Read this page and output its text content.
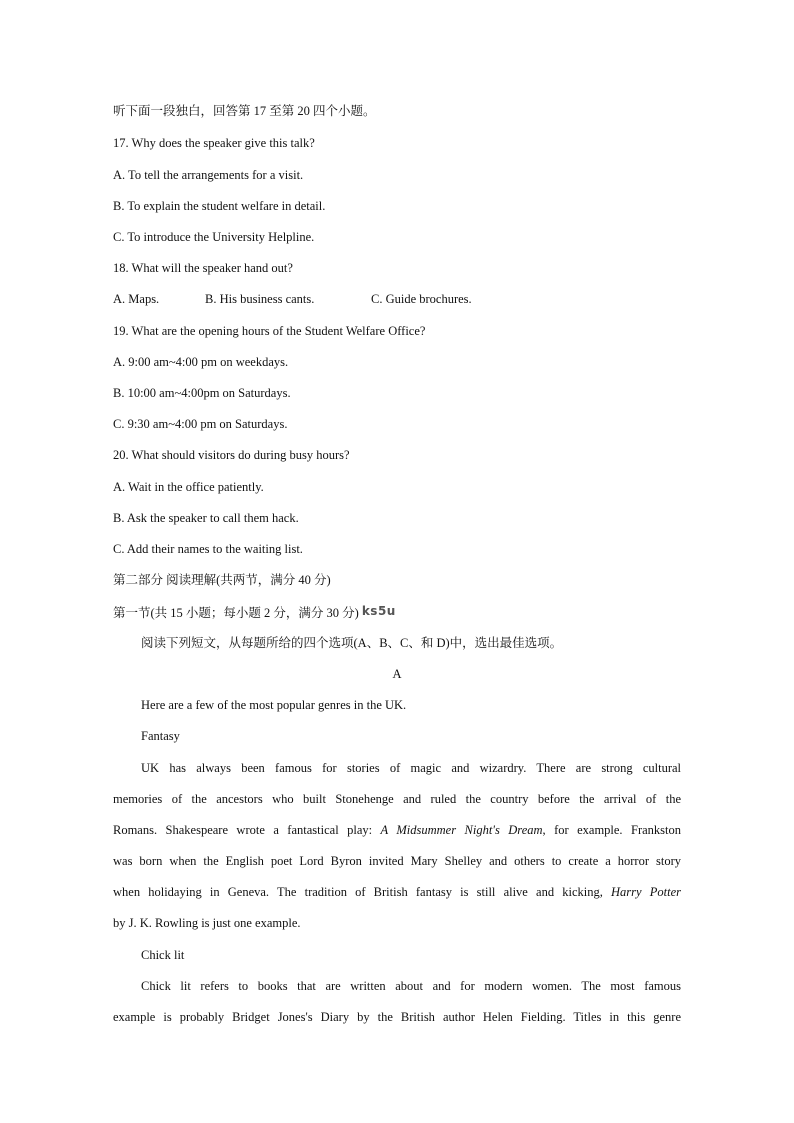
听下面一段独白，回答第 17 至第 20 四个小题。
17. Why does the speaker give this talk?
A. To tell the arrangements for a visit.
B. To explain the student welfare in detail.
C. To introduce the University Helpline.
18. What will the speaker hand out?
A. Maps.	B. His business cants.	C. Guide brochures.
19. What are the opening hours of the Student Welfare Office?
A. 9:00 am~4:00 pm on weekdays.
B. 10:00 am~4:00pm on Saturdays.
C. 9:30 am~4:00 pm on Saturdays.
20. What should visitors do during busy hours?
A. Wait in the office patiently.
B. Ask the speaker to call them hack.
C. Add their names to the waiting list.
第二部分 阅读理解(共两节，满分 40 分)
第一节(共 15 小题；每小题 2 分，满分 30 分) ks5u
阅读下列短文，从每题所给的四个选项(A、B、C、和 D)中，选出最佳选项。
A
Here are a few of the most popular genres in the UK.
Fantasy
UK has always been famous for stories of magic and wizardry. There are strong cultural
memories of the ancestors who built Stonehenge and ruled the country before the arrival of the
Romans. Shakespeare wrote a fantastical play: A Midsummer Night's Dream, for example. Frankston
was born when the English poet Lord Byron invited Mary Shelley and others to create a horror story
when holidaying in Geneva. The tradition of British fantasy is still alive and kicking, Harry Potter
by J. K. Rowling is just one example.
Chick lit
Chick lit refers to books that are written about and for modern women. The most famous
example is probably Bridget Jones's Diary by the British author Helen Fielding. Titles in this genre
